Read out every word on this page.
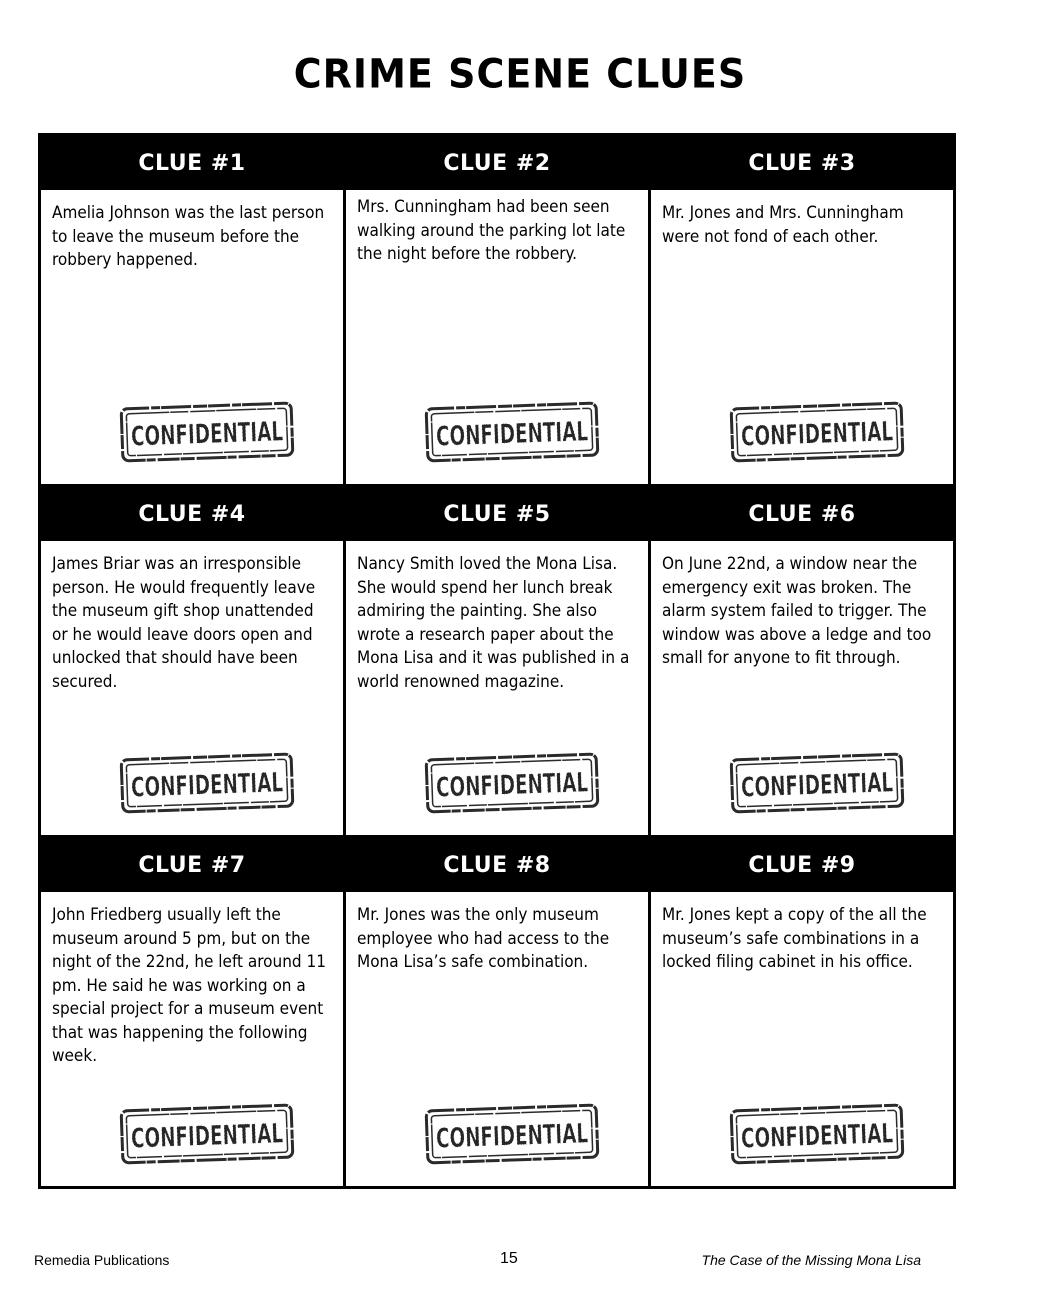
CRIME SCENE CLUES
CLUE #1
Amelia Johnson was the last person to leave the museum before the robbery happened.
CONFIDENTIAL
CLUE #2
Mrs. Cunningham had been seen walking around the parking lot late the night before the robbery.
CONFIDENTIAL
CLUE #3
Mr. Jones and Mrs. Cunningham were not fond of each other.
CONFIDENTIAL
CLUE #4
James Briar was an irresponsible person. He would frequently leave the museum gift shop unattended or he would leave doors open and unlocked that should have been secured.
CONFIDENTIAL
CLUE #5
Nancy Smith loved the Mona Lisa. She would spend her lunch break admiring the painting. She also wrote a research paper about the Mona Lisa and it was published in a world renowned magazine.
CONFIDENTIAL
CLUE #6
On June 22nd, a window near the emergency exit was broken. The alarm system failed to trigger. The window was above a ledge and too small for anyone to fit through.
CONFIDENTIAL
CLUE #7
John Friedberg usually left the museum around 5 pm, but on the night of the 22nd, he left around 11 pm. He said he was working on a special project for a museum event that was happening the following week.
CONFIDENTIAL
CLUE #8
Mr. Jones was the only museum employee who had access to the Mona Lisa’s safe combination.
CONFIDENTIAL
CLUE #9
Mr. Jones kept a copy of the all the museum’s safe combinations in a locked filing cabinet in his office.
CONFIDENTIAL
Remedia Publications	15	The Case of the Missing Mona Lisa
